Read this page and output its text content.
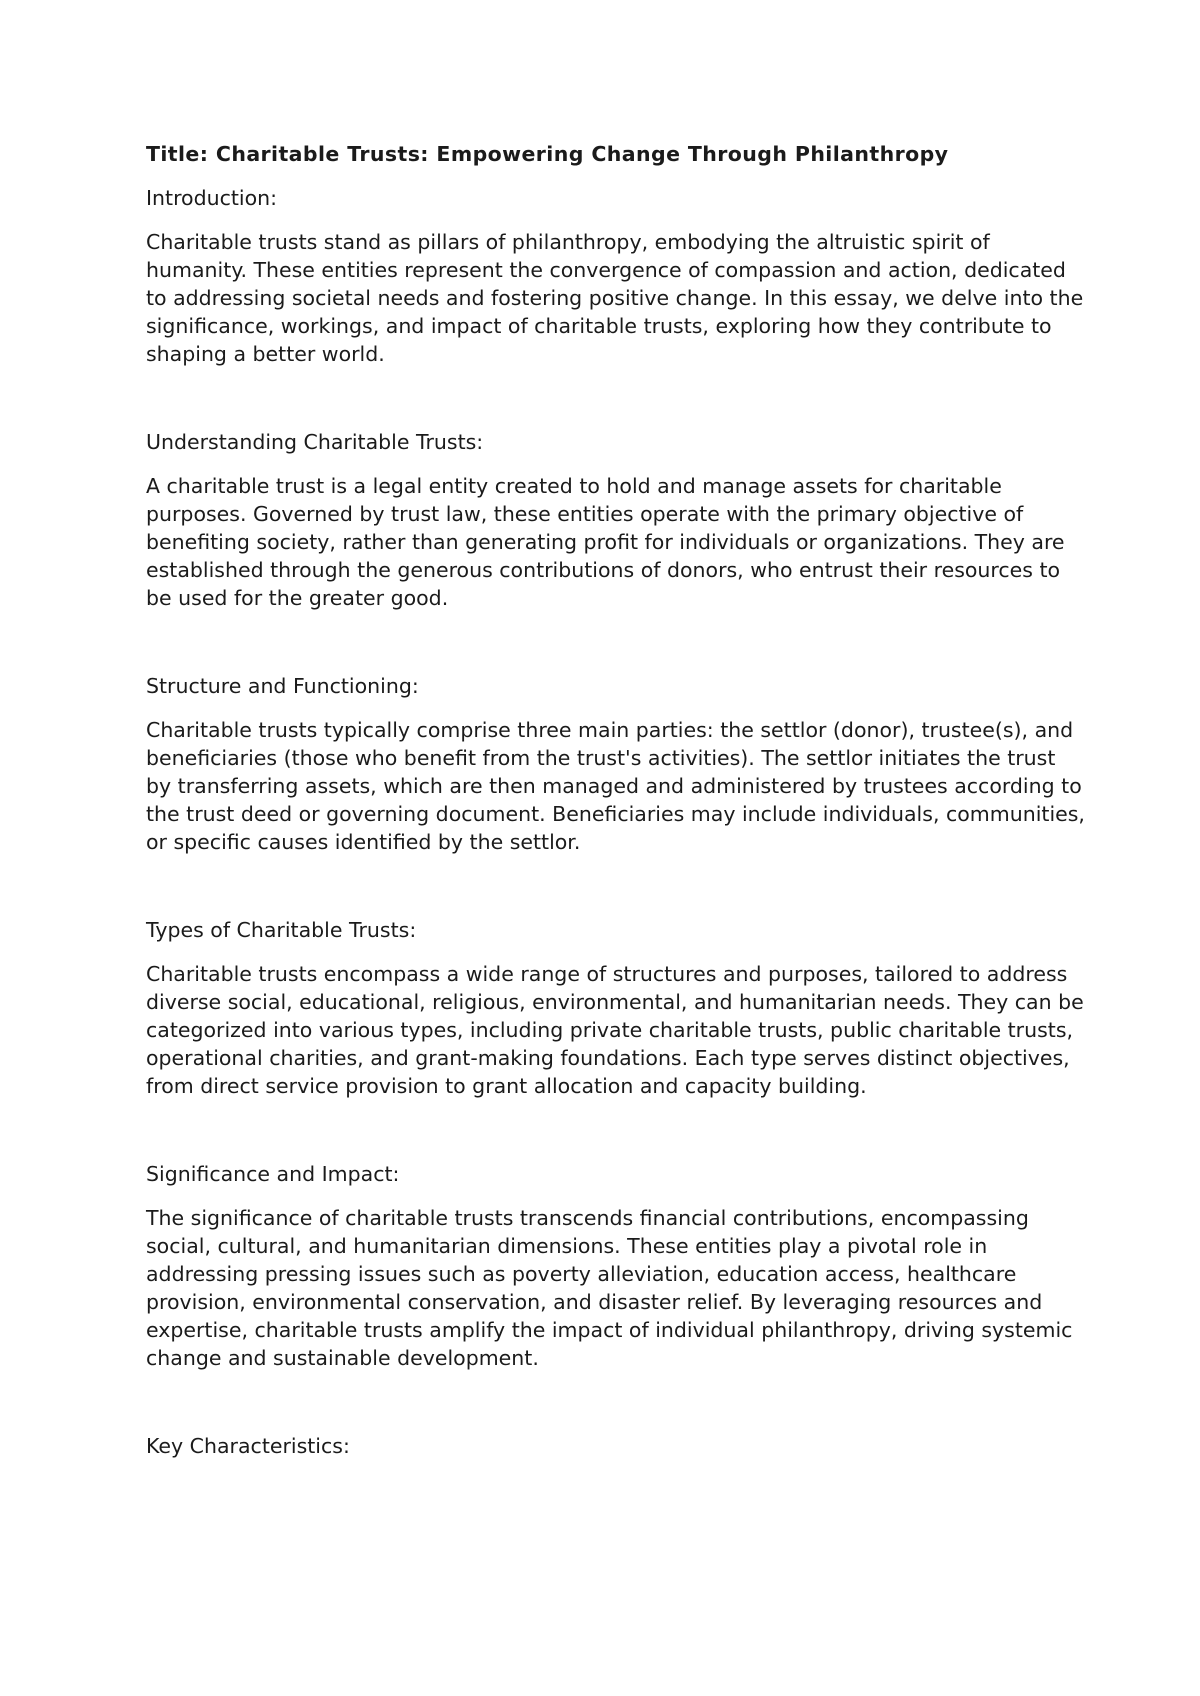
Title: Charitable Trusts: Empowering Change Through Philanthropy

Introduction:

Charitable trusts stand as pillars of philanthropy, embodying the altruistic spirit of humanity. These entities represent the convergence of compassion and action, dedicated to addressing societal needs and fostering positive change. In this essay, we delve into the significance, workings, and impact of charitable trusts, exploring how they contribute to shaping a better world.

Understanding Charitable Trusts:

A charitable trust is a legal entity created to hold and manage assets for charitable purposes. Governed by trust law, these entities operate with the primary objective of benefiting society, rather than generating profit for individuals or organizations. They are established through the generous contributions of donors, who entrust their resources to be used for the greater good.

Structure and Functioning:

Charitable trusts typically comprise three main parties: the settlor (donor), trustee(s), and beneficiaries (those who benefit from the trust's activities). The settlor initiates the trust by transferring assets, which are then managed and administered by trustees according to the trust deed or governing document. Beneficiaries may include individuals, communities, or specific causes identified by the settlor.

Types of Charitable Trusts:

Charitable trusts encompass a wide range of structures and purposes, tailored to address diverse social, educational, religious, environmental, and humanitarian needs. They can be categorized into various types, including private charitable trusts, public charitable trusts, operational charities, and grant-making foundations. Each type serves distinct objectives, from direct service provision to grant allocation and capacity building.

Significance and Impact:

The significance of charitable trusts transcends financial contributions, encompassing social, cultural, and humanitarian dimensions. These entities play a pivotal role in addressing pressing issues such as poverty alleviation, education access, healthcare provision, environmental conservation, and disaster relief. By leveraging resources and expertise, charitable trusts amplify the impact of individual philanthropy, driving systemic change and sustainable development.

Key Characteristics:
